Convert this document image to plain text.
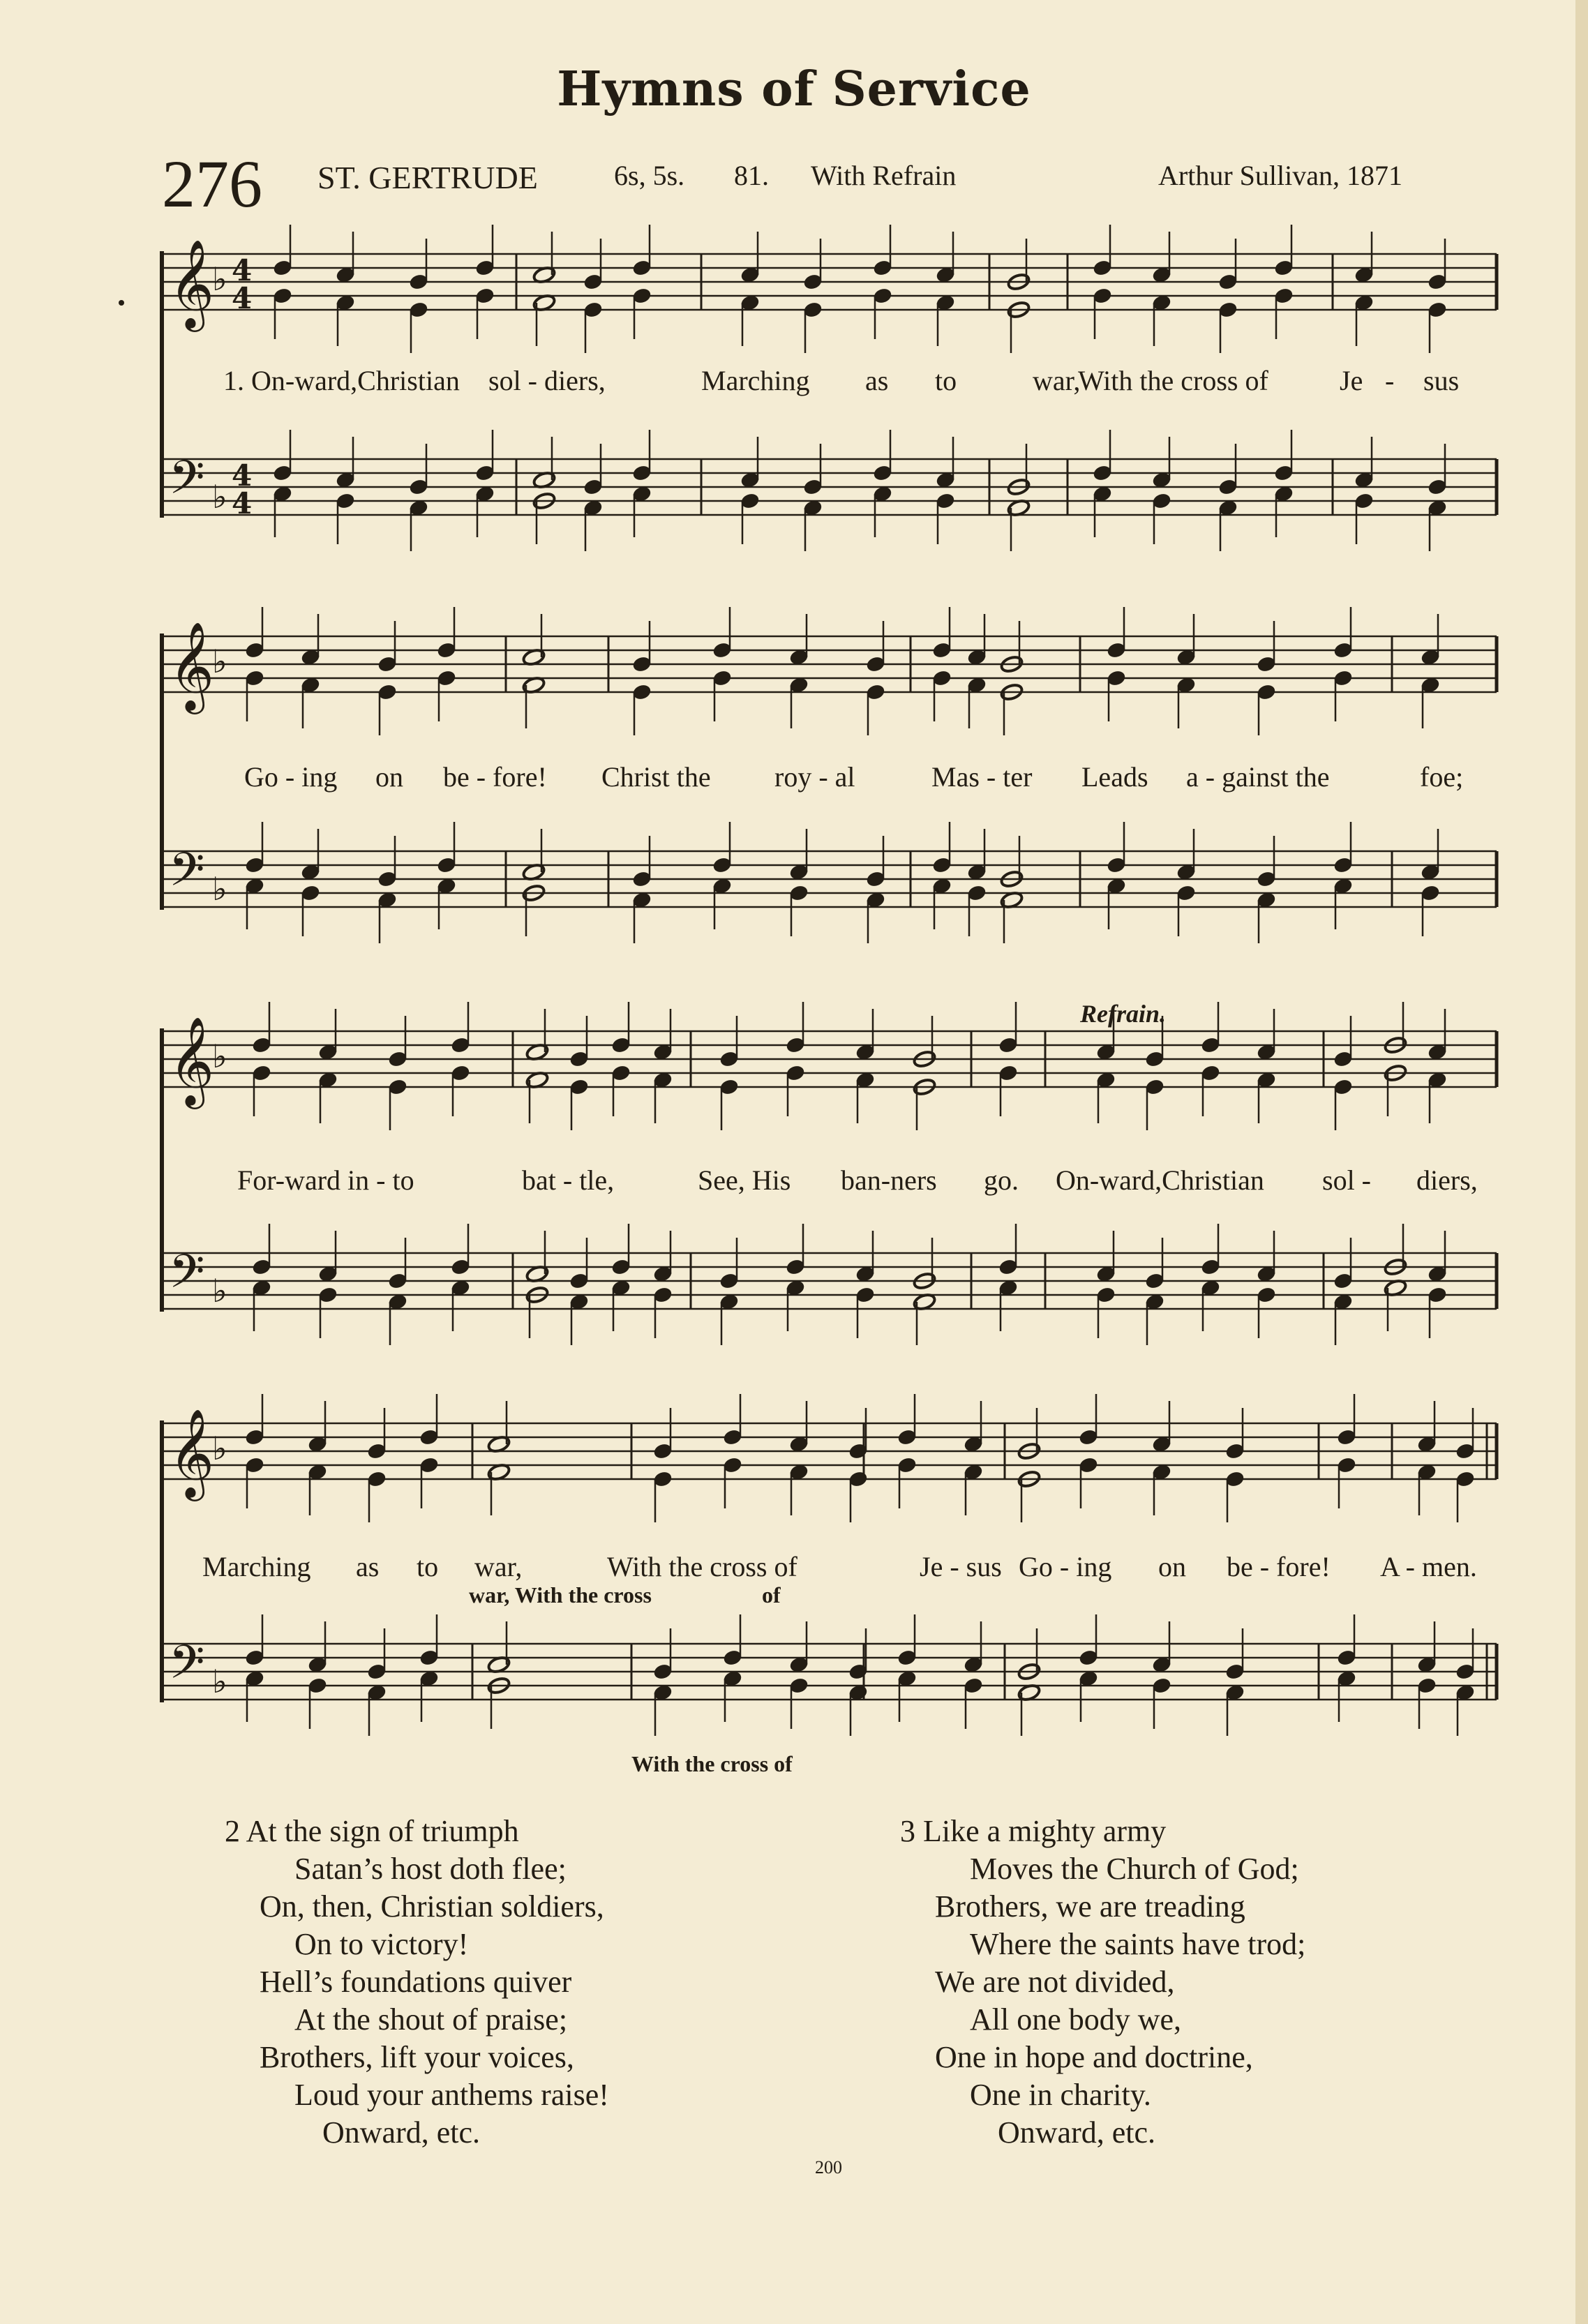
Hymns of Service
276 ST. GERTRUDE	6s, 5s. 81. With Refrain	Arthur Sullivan, 1871
𝄞
♭ 4
4
𝄢 ♭
4
4
𝄞
♭
𝄢 ♭
𝄞
♭
𝄢 ♭
𝄞
♭
𝄢 ♭
Refrain.
1. On-ward,Christian sol - diers,	Marching as to	war,
With the cross of	Je - sus
Go - ing on be - fore! Christ the roy - al	Mas - ter Leads a - gainst the	foe;
For-ward in - to	bat - tle,	See, His ban-ners go. On-ward,Christian sol - diers,
Marching as to war,	With the cross of	Je - sus Go - ing on be - fore! A - men.
war, With the cross	of
With the cross of
2 At the sign of triumph
Satan’s host doth flee;
On, then, Christian soldiers,
On to victory!
Hell’s foundations quiver
At the shout of praise;
Brothers, lift your voices,
Loud your anthems raise!
Onward, etc.
3 Like a mighty army
Moves the Church of God;
Brothers, we are treading
Where the saints have trod;
We are not divided,
All one body we,
One in hope and doctrine,
One in charity.
Onward, etc.
200
